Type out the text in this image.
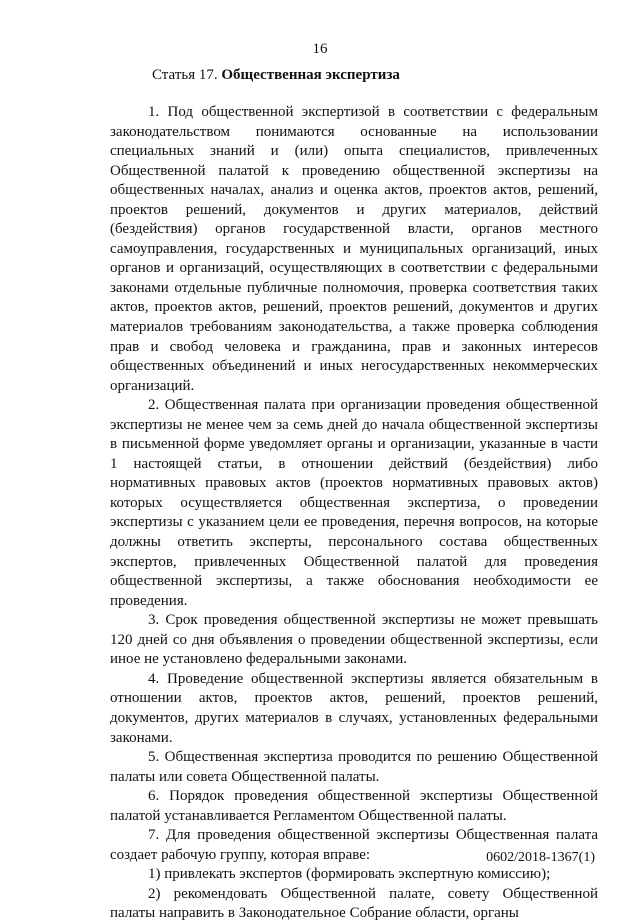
16
Статья 17. Общественная экспертиза

1. Под общественной экспертизой в соответствии с федеральным законодательством понимаются основанные на использовании специальных знаний и (или) опыта специалистов, привлеченных Общественной палатой к проведению общественной экспертизы на общественных началах, анализ и оценка актов, проектов актов, решений, проектов решений, документов и других материалов, действий (бездействия) органов государственной власти, органов местного самоуправления, государственных и муниципальных организаций, иных органов и организаций, осуществляющих в соответствии с федеральными законами отдельные публичные полномочия, проверка соответствия таких актов, проектов актов, решений, проектов решений, документов и других материалов требованиям законодательства, а также проверка соблюдения прав и свобод человека и гражданина, прав и законных интересов общественных объединений и иных негосударственных некоммерческих организаций.

2. Общественная палата при организации проведения общественной экспертизы не менее чем за семь дней до начала общественной экспертизы в письменной форме уведомляет органы и организации, указанные в части 1 настоящей статьи, в отношении действий (бездействия) либо нормативных правовых актов (проектов нормативных правовых актов) которых осуществляется общественная экспертиза, о проведении экспертизы с указанием цели ее проведения, перечня вопросов, на которые должны ответить эксперты, персонального состава общественных экспертов, привлеченных Общественной палатой для проведения общественной экспертизы, а также обоснования необходимости ее проведения.

3. Срок проведения общественной экспертизы не может превышать 120 дней со дня объявления о проведении общественной экспертизы, если иное не установлено федеральными законами.

4. Проведение общественной экспертизы является обязательным в отношении актов, проектов актов, решений, проектов решений, документов, других материалов в случаях, установленных федеральными законами.

5. Общественная экспертиза проводится по решению Общественной палаты или совета Общественной палаты.

6. Порядок проведения общественной экспертизы Общественной палатой устанавливается Регламентом Общественной палаты.

7. Для проведения общественной экспертизы Общественная палата создает рабочую группу, которая вправе:

1) привлекать экспертов (формировать экспертную комиссию);

2) рекомендовать Общественной палате, совету Общественной палаты направить в Законодательное Собрание области, органы

0602/2018-1367(1)
